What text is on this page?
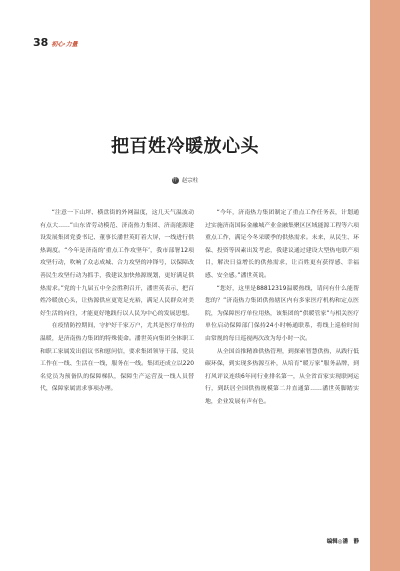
38 初心·力量
把百姓冷暖放心头
作 赵宗柱

“注意一下山坪、横盘街的外网温度，这几天气温波动有点大……”山东省劳动模范、济南热力集团、济南能源建设发展集团党委书记、董事长潘世英盯着大屏，一线进行供热调度。“今年是济南的‘重点工作攻坚年’，我市部署12项攻坚行动，吹响了众志成城、合力攻坚的冲锋号，以保障改善民生攻坚行动为抓手，我建议加快热源规划，更好满足供热需求。”党的十九届五中全会胜利召开，潘世英表示，把百姓冷暖放心头，让热源供应更宽足充裕，满足人民群众对美好生活的向往，才能更好地践行以人民为中心的发展思想。

在疫情防控期间，守护好千家万户，尤其是医疗单位的温暖，是济南热力集团的特殊使命。潘世英向集团全体职工和职工家属发出倡议书和慰问信，要求集团领导干部、党员工作在一线、生活在一线，服务在一线。集团还成立以220名党员为预备队的保障梯队，保障生产运营及一线人员替代，保障家属需求事项办理。

“今年，济南热力集团制定了重点工作任务表，计划通过实施济南国际金融城产业金融集聚区区域能源工程等六项重点工作，满足今冬采暖季的供热需求。未来，从民生、环保、投资等因素出发考虑，我建议通过建设大型热电联产项目，解决日益增长的供热需求，让百姓更有获得感、幸福感、安全感。”潘世英说。

“您好，这里是88812319温暖热线，请问有什么能帮您的？”济南热力集团供热辖区内有多家医疗机构和定点医院，为保障医疗单位用热，该集团的“供暖管家”与相关医疗单位启动保障部门保持24小时畅通联系，将线上巡检时间由常规的每日巡视两次改为每小时一次。

从全国首推精准供热管理，到探索智慧供热，从践行低碳环保，到实现多热源互补，从培育“暖万家”服务品牌，到打风评议连续6年同行业排名第一，从全省首家实现联网运行，到跃居全国供热规模第二并直通第……潘世英脚踏实地，企业发展有声有色。

编辑◎潘　静
